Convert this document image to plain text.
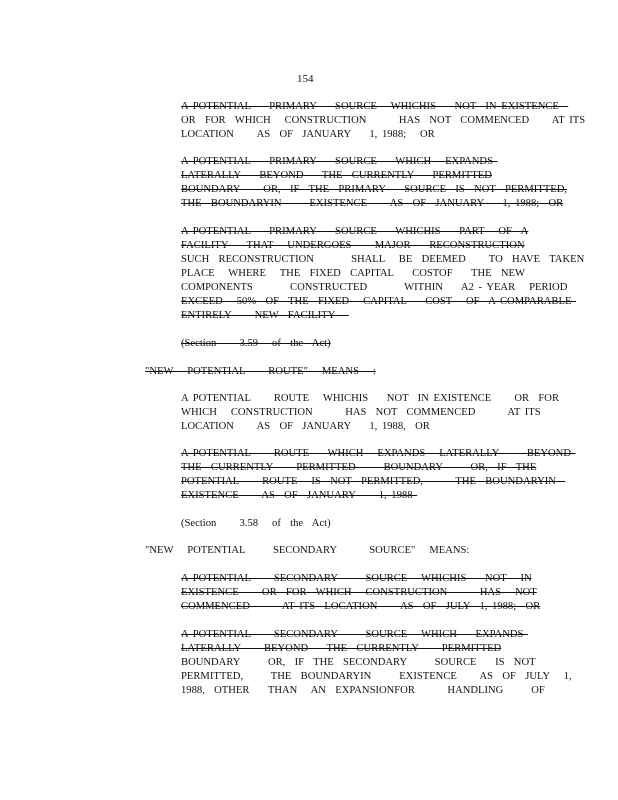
154
A POTENTIAL    PRIMARY    SOURCE   WHICHIS    NOT  IN EXISTENCE
OR  FOR  WHICH   CONSTRUCTION       HAS  NOT  COMMENCED     AT ITS
LOCATION     AS  OF  JANUARY    1, 1988;   OR
A POTENTIAL    PRIMARY    SOURCE    WHICH   EXPANDS
LATERALLY    BEYOND    THE  CURRENTLY    PERMITTED
BOUNDARY     OR,  IF  THE  PRIMARY    SOURCE  IS  NOT  PERMITTED,
THE  BOUNDARYIN      EXISTENCE     AS  OF  JANUARY    1, 1988;  OR
A POTENTIAL    PRIMARY    SOURCE    WHICHIS    PART   OF  A
FACILITY    THAT   UNDERGOES     MAJOR    RECONSTRUCTION
SUCH  RECONSTRUCTION        SHALL   BE  DEEMED     TO  HAVE  TAKEN
PLACE   WHERE   THE  FIXED  CAPITAL    COSTOF    THE  NEW
COMPONENTS        CONSTRUCTED        WITHIN    A2 - YEAR   PERIOD
EXCEED   50%  OF  THE  FIXED   CAPITAL    COST   OF  A COMPARABLE
ENTIRELY     NEW  FACILITY
(Section     3.59   of  the  Act)
"NEW   POTENTIAL     ROUTE"   MEANS   :
A POTENTIAL     ROUTE   WHICHIS    NOT  IN EXISTENCE     OR  FOR
WHICH   CONSTRUCTION       HAS  NOT  COMMENCED       AT ITS
LOCATION     AS  OF  JANUARY    1, 1988,  OR
A POTENTIAL     ROUTE    WHICH   EXPANDS   LATERALLY      BEYOND
THE  CURRENTLY     PERMITTED      BOUNDARY      OR,  IF  THE
POTENTIAL     ROUTE   IS  NOT  PERMITTED,       THE  BOUNDARYIN
EXISTENCE     AS  OF  JANUARY     1, 1988
(Section     3.58   of  the  Act)
"NEW   POTENTIAL      SECONDARY       SOURCE"   MEANS:
A POTENTIAL     SECONDARY      SOURCE   WHICHIS    NOT   IN
EXISTENCE     OR  FOR  WHICH   CONSTRUCTION       HAS   NOT
COMMENCED       AT ITS  LOCATION     AS  OF  JULY  1, 1988;  OR
A POTENTIAL     SECONDARY      SOURCE   WHICH    EXPANDS
LATERALLY     BEYOND    THE  CURRENTLY     PERMITTED
BOUNDARY      OR,  IF  THE  SECONDARY      SOURCE    IS  NOT
PERMITTED,      THE  BOUNDARYIN      EXISTENCE     AS  OF  JULY   1,
1988,  OTHER    THAN   AN  EXPANSIONFOR       HANDLING      OF
